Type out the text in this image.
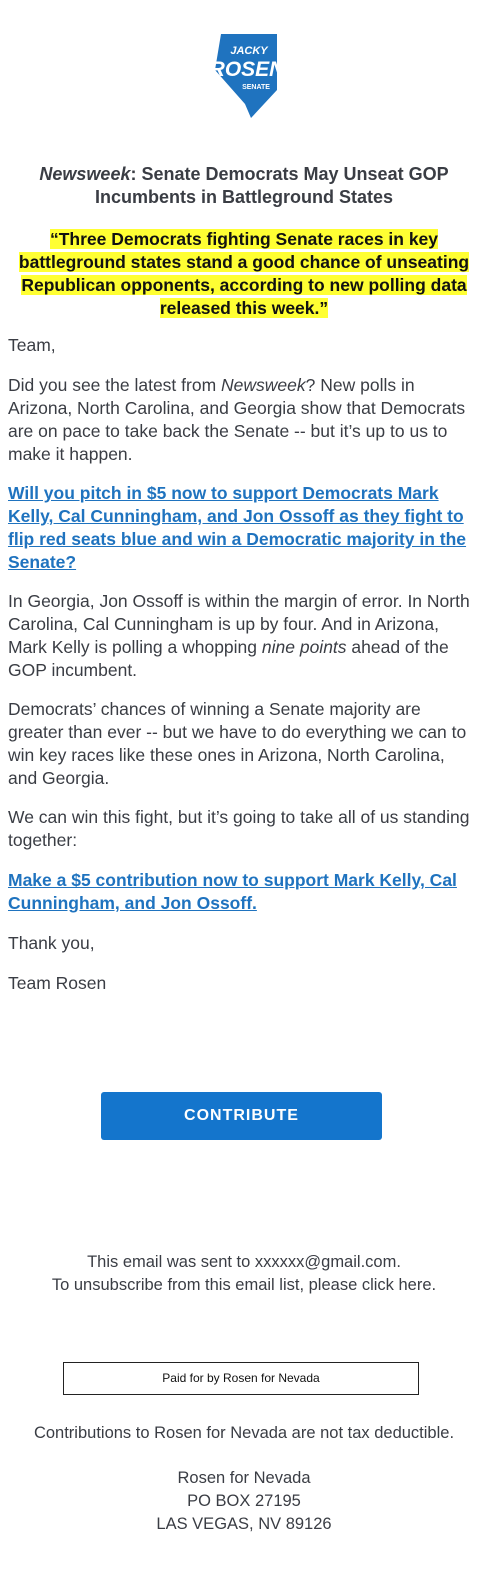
JACKY
ROSEN
SENATE
Newsweek: Senate Democrats May Unseat GOP Incumbents in Battleground States
“Three Democrats fighting Senate races in key battleground states stand a good chance of unseating Republican opponents, according to new polling data released this week.”
Team,
Did you see the latest from Newsweek? New polls in Arizona, North Carolina, and Georgia show that Democrats are on pace to take back the Senate -- but it’s up to us to make it happen.
Will you pitch in $5 now to support Democrats Mark Kelly, Cal Cunningham, and Jon Ossoff as they fight to flip red seats blue and win a Democratic majority in the Senate?
In Georgia, Jon Ossoff is within the margin of error. In North Carolina, Cal Cunningham is up by four. And in Arizona, Mark Kelly is polling a whopping nine points ahead of the GOP incumbent.
Democrats’ chances of winning a Senate majority are greater than ever -- but we have to do everything we can to win key races like these ones in Arizona, North Carolina, and Georgia.
We can win this fight, but it’s going to take all of us standing together:
Make a $5 contribution now to support Mark Kelly, Cal Cunningham, and Jon Ossoff.
Thank you,
Team Rosen
CONTRIBUTE
This email was sent to xxxxxx@gmail.com.
To unsubscribe from this email list, please click here.
Paid for by Rosen for Nevada
Contributions to Rosen for Nevada are not tax deductible.
Rosen for Nevada
PO BOX 27195
LAS VEGAS, NV 89126
